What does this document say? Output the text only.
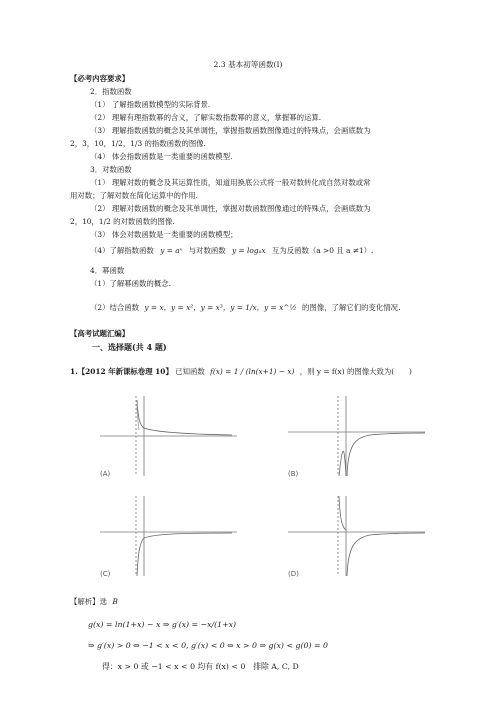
2.3 基本初等函数(I)
【必考内容要求】
2．指数函数
（1） 了解指数函数模型的实际背景.
（2） 理解有理指数幂的含义，了解实数指数幂的意义，掌握幂的运算.
（3） 理解指数函数的概念及其单调性，掌握指数函数图像通过的特殊点，会画底数为
2，3，10，1/2，1/3 的指数函数的图像.
（4） 体会指数函数是一类重要的函数模型.
3．对数函数
（1） 理解对数的概念及其运算性质，知道用换底公式将一般对数转化成自然对数或常
用对数；了解对数在简化运算中的作用.
（2） 理解对数函数的概念及其单调性，掌握对数函数图像通过的特殊点，会画底数为
2，10，1/2 的对数函数的图像.
（3） 体会对数函数是一类重要的函数模型；
（4）了解指数函数 y = aˣ 与对数函数 y = logₐx 互为反函数（a >0 且 a ≠1）.
4．幂函数
（1）了解幂函数的概念.
（2）结合函数 y = x，y = x²，y = x³，y = 1/x，y = x^½ 的图像，了解它们的变化情况.
【高考试题汇编】
一、选择题(共 4 题)
1.【2012 年新课标卷理 10】 已知函数 f(x) = 1 / (ln(x+1) − x) ，则 y = f(x) 的图像大致为(　　)
(A)	(B)
(C)	(D)
【解析】选 B
g(x) = ln(1+x) − x ⇒ g′(x) = −x/(1+x)
⇒ g′(x) > 0 ⇔ −1 < x < 0, g′(x) < 0 ⇔ x > 0 ⇒ g(x) < g(0) = 0
得：x > 0 或 −1 < x < 0 均有 f(x) < 0　排除 A, C, D
